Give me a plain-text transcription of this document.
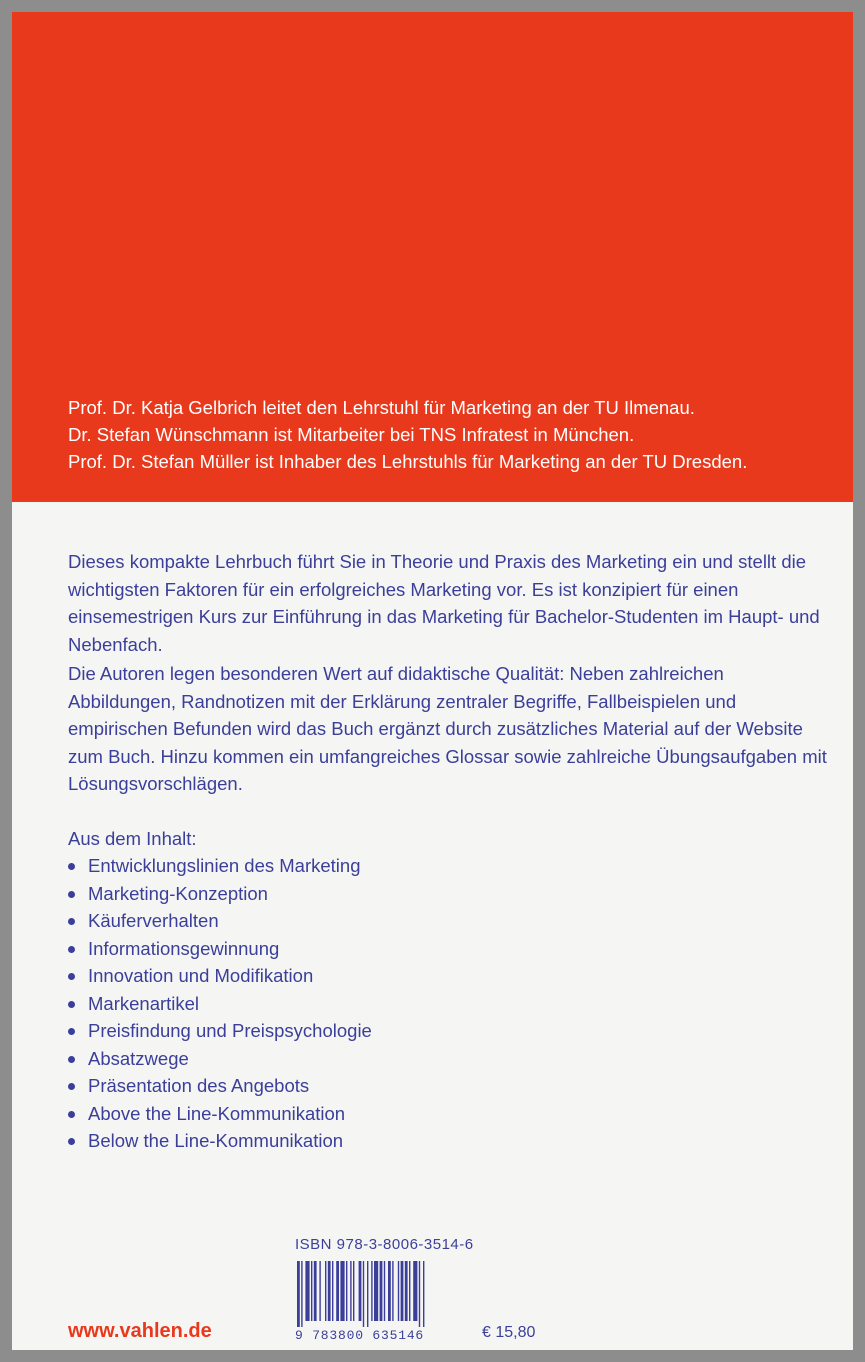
Prof. Dr. Katja Gelbrich leitet den Lehrstuhl für Marketing an der TU Ilmenau.
Dr. Stefan Wünschmann ist Mitarbeiter bei TNS Infratest in München.
Prof. Dr. Stefan Müller ist Inhaber des Lehrstuhls für Marketing an der TU Dresden.

Dieses kompakte Lehrbuch führt Sie in Theorie und Praxis des Marketing ein und stellt die wichtigsten Faktoren für ein erfolgreiches Marketing vor. Es ist konzipiert für einen einsemestrigen Kurs zur Einführung in das Marketing für Bachelor-Studenten im Haupt- und Nebenfach.

Die Autoren legen besonderen Wert auf didaktische Qualität: Neben zahlreichen Abbildungen, Randnotizen mit der Erklärung zentraler Begriffe, Fallbeispielen und empirischen Befunden wird das Buch ergänzt durch zusätzliches Material auf der Website zum Buch. Hinzu kommen ein umfangreiches Glossar sowie zahlreiche Übungsaufgaben mit Lösungsvorschlägen.

Aus dem Inhalt:

Entwicklungslinien des Marketing
Marketing-Konzeption
Käuferverhalten
Informationsgewinnung
Innovation und Modifikation
Markenartikel
Preisfindung und Preispsychologie
Absatzwege
Präsentation des Angebots
Above the Line-Kommunikation
Below the Line-Kommunikation
ISBN 978-3-8006-3514-6
9 783800 635146	€ 15,80
www.vahlen.de
